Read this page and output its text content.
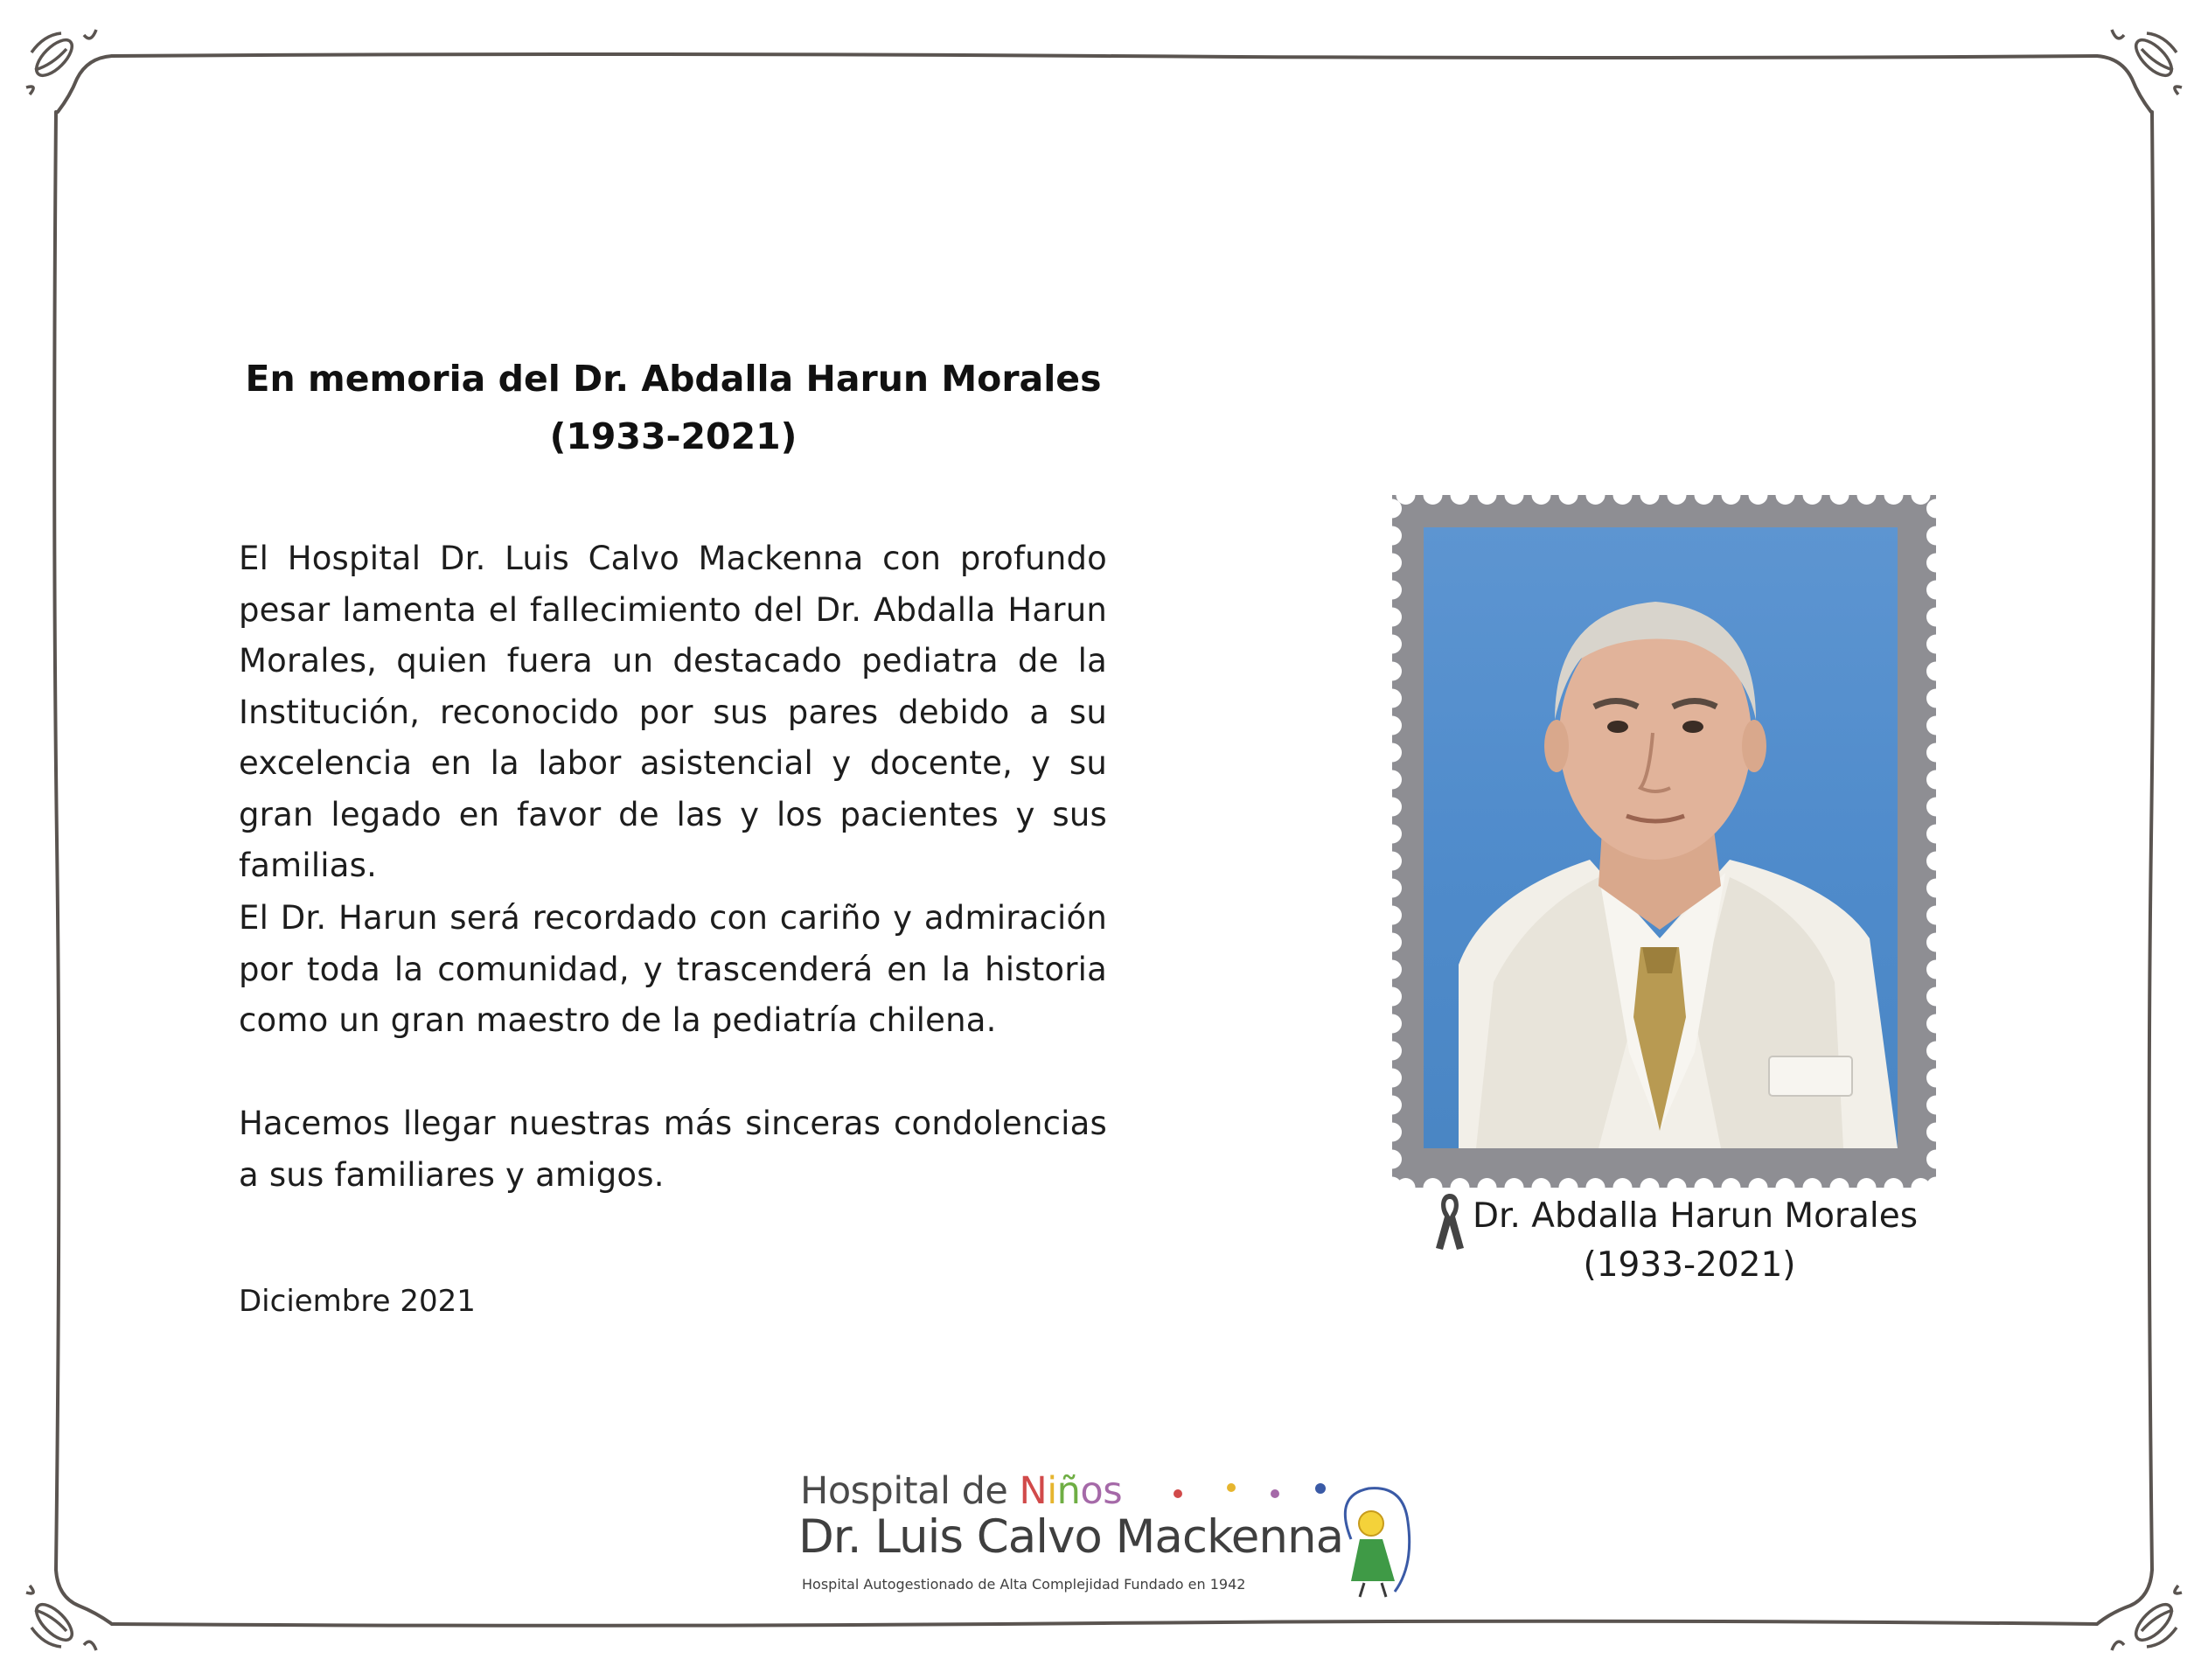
En memoria del Dr. Abdalla Harun Morales
(1933-2021)
El Hospital Dr. Luis Calvo Mackenna con profundo pesar lamenta el fallecimiento del Dr. Abdalla Harun Morales, quien fuera un destacado pediatra de la Institución, reconocido por sus pares debido a su excelencia en la labor asistencial y docente, y su gran legado en favor de las y los pacientes y sus familias.
El Dr. Harun será recordado con cariño y admiración por toda la comunidad, y trascenderá en la historia como un gran maestro de la pediatría chilena.
Hacemos llegar nuestras más sinceras condolencias a sus familiares y amigos.
Diciembre 2021
Dr. Abdalla Harun Morales
(1933-2021)
Hospital de Niños
Dr. Luis Calvo Mackenna
Hospital Autogestionado de Alta Complejidad Fundado en 1942
